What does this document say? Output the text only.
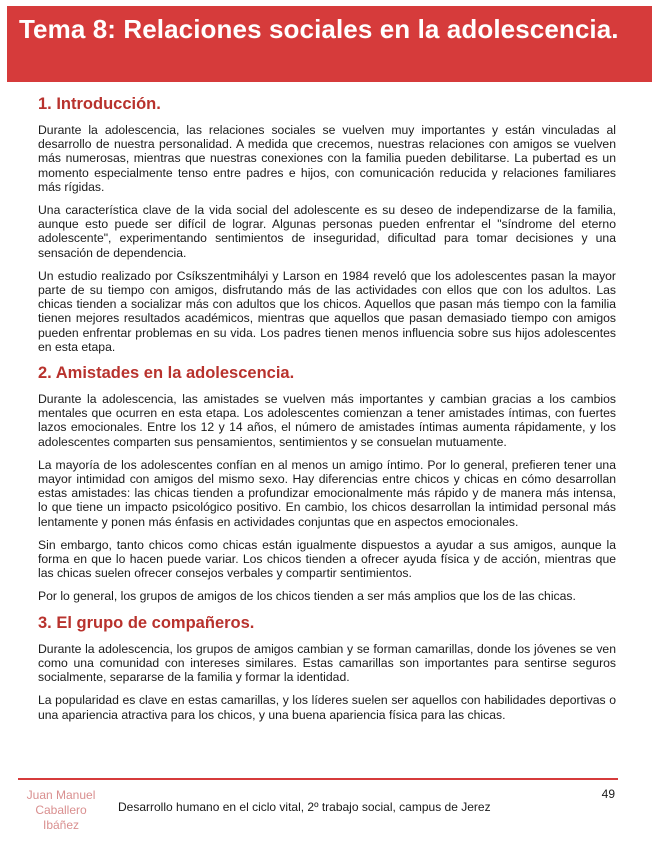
Tema 8: Relaciones sociales en la adolescencia.
1. Introducción.

Durante la adolescencia, las relaciones sociales se vuelven muy importantes y están vinculadas al desarrollo de nuestra personalidad. A medida que crecemos, nuestras relaciones con amigos se vuelven más numerosas, mientras que nuestras conexiones con la familia pueden debilitarse. La pubertad es un momento especialmente tenso entre padres e hijos, con comunicación reducida y relaciones familiares más rígidas.

Una característica clave de la vida social del adolescente es su deseo de independizarse de la familia, aunque esto puede ser difícil de lograr. Algunas personas pueden enfrentar el "síndrome del eterno adolescente", experimentando sentimientos de inseguridad, dificultad para tomar decisiones y una sensación de dependencia.

Un estudio realizado por Csíkszentmihályi y Larson en 1984 reveló que los adolescentes pasan la mayor parte de su tiempo con amigos, disfrutando más de las actividades con ellos que con los adultos. Las chicas tienden a socializar más con adultos que los chicos. Aquellos que pasan más tiempo con la familia tienen mejores resultados académicos, mientras que aquellos que pasan demasiado tiempo con amigos pueden enfrentar problemas en su vida. Los padres tienen menos influencia sobre sus hijos adolescentes en esta etapa.

2. Amistades en la adolescencia.

Durante la adolescencia, las amistades se vuelven más importantes y cambian gracias a los cambios mentales que ocurren en esta etapa. Los adolescentes comienzan a tener amistades íntimas, con fuertes lazos emocionales. Entre los 12 y 14 años, el número de amistades íntimas aumenta rápidamente, y los adolescentes comparten sus pensamientos, sentimientos y se consuelan mutuamente.

La mayoría de los adolescentes confían en al menos un amigo íntimo. Por lo general, prefieren tener una mayor intimidad con amigos del mismo sexo. Hay diferencias entre chicos y chicas en cómo desarrollan estas amistades: las chicas tienden a profundizar emocionalmente más rápido y de manera más intensa, lo que tiene un impacto psicológico positivo. En cambio, los chicos desarrollan la intimidad personal más lentamente y ponen más énfasis en actividades conjuntas que en aspectos emocionales.

Sin embargo, tanto chicos como chicas están igualmente dispuestos a ayudar a sus amigos, aunque la forma en que lo hacen puede variar. Los chicos tienden a ofrecer ayuda física y de acción, mientras que las chicas suelen ofrecer consejos verbales y compartir sentimientos.

Por lo general, los grupos de amigos de los chicos tienden a ser más amplios que los de las chicas.

3. El grupo de compañeros.

Durante la adolescencia, los grupos de amigos cambian y se forman camarillas, donde los jóvenes se ven como una comunidad con intereses similares. Estas camarillas son importantes para sentirse seguros socialmente, separarse de la familia y formar la identidad.

La popularidad es clave en estas camarillas, y los líderes suelen ser aquellos con habilidades deportivas o una apariencia atractiva para los chicos, y una buena apariencia física para las chicas.

Juan Manuel
Caballero
Ibáñez
Desarrollo humano en el ciclo vital, 2º trabajo social, campus de Jerez
49
